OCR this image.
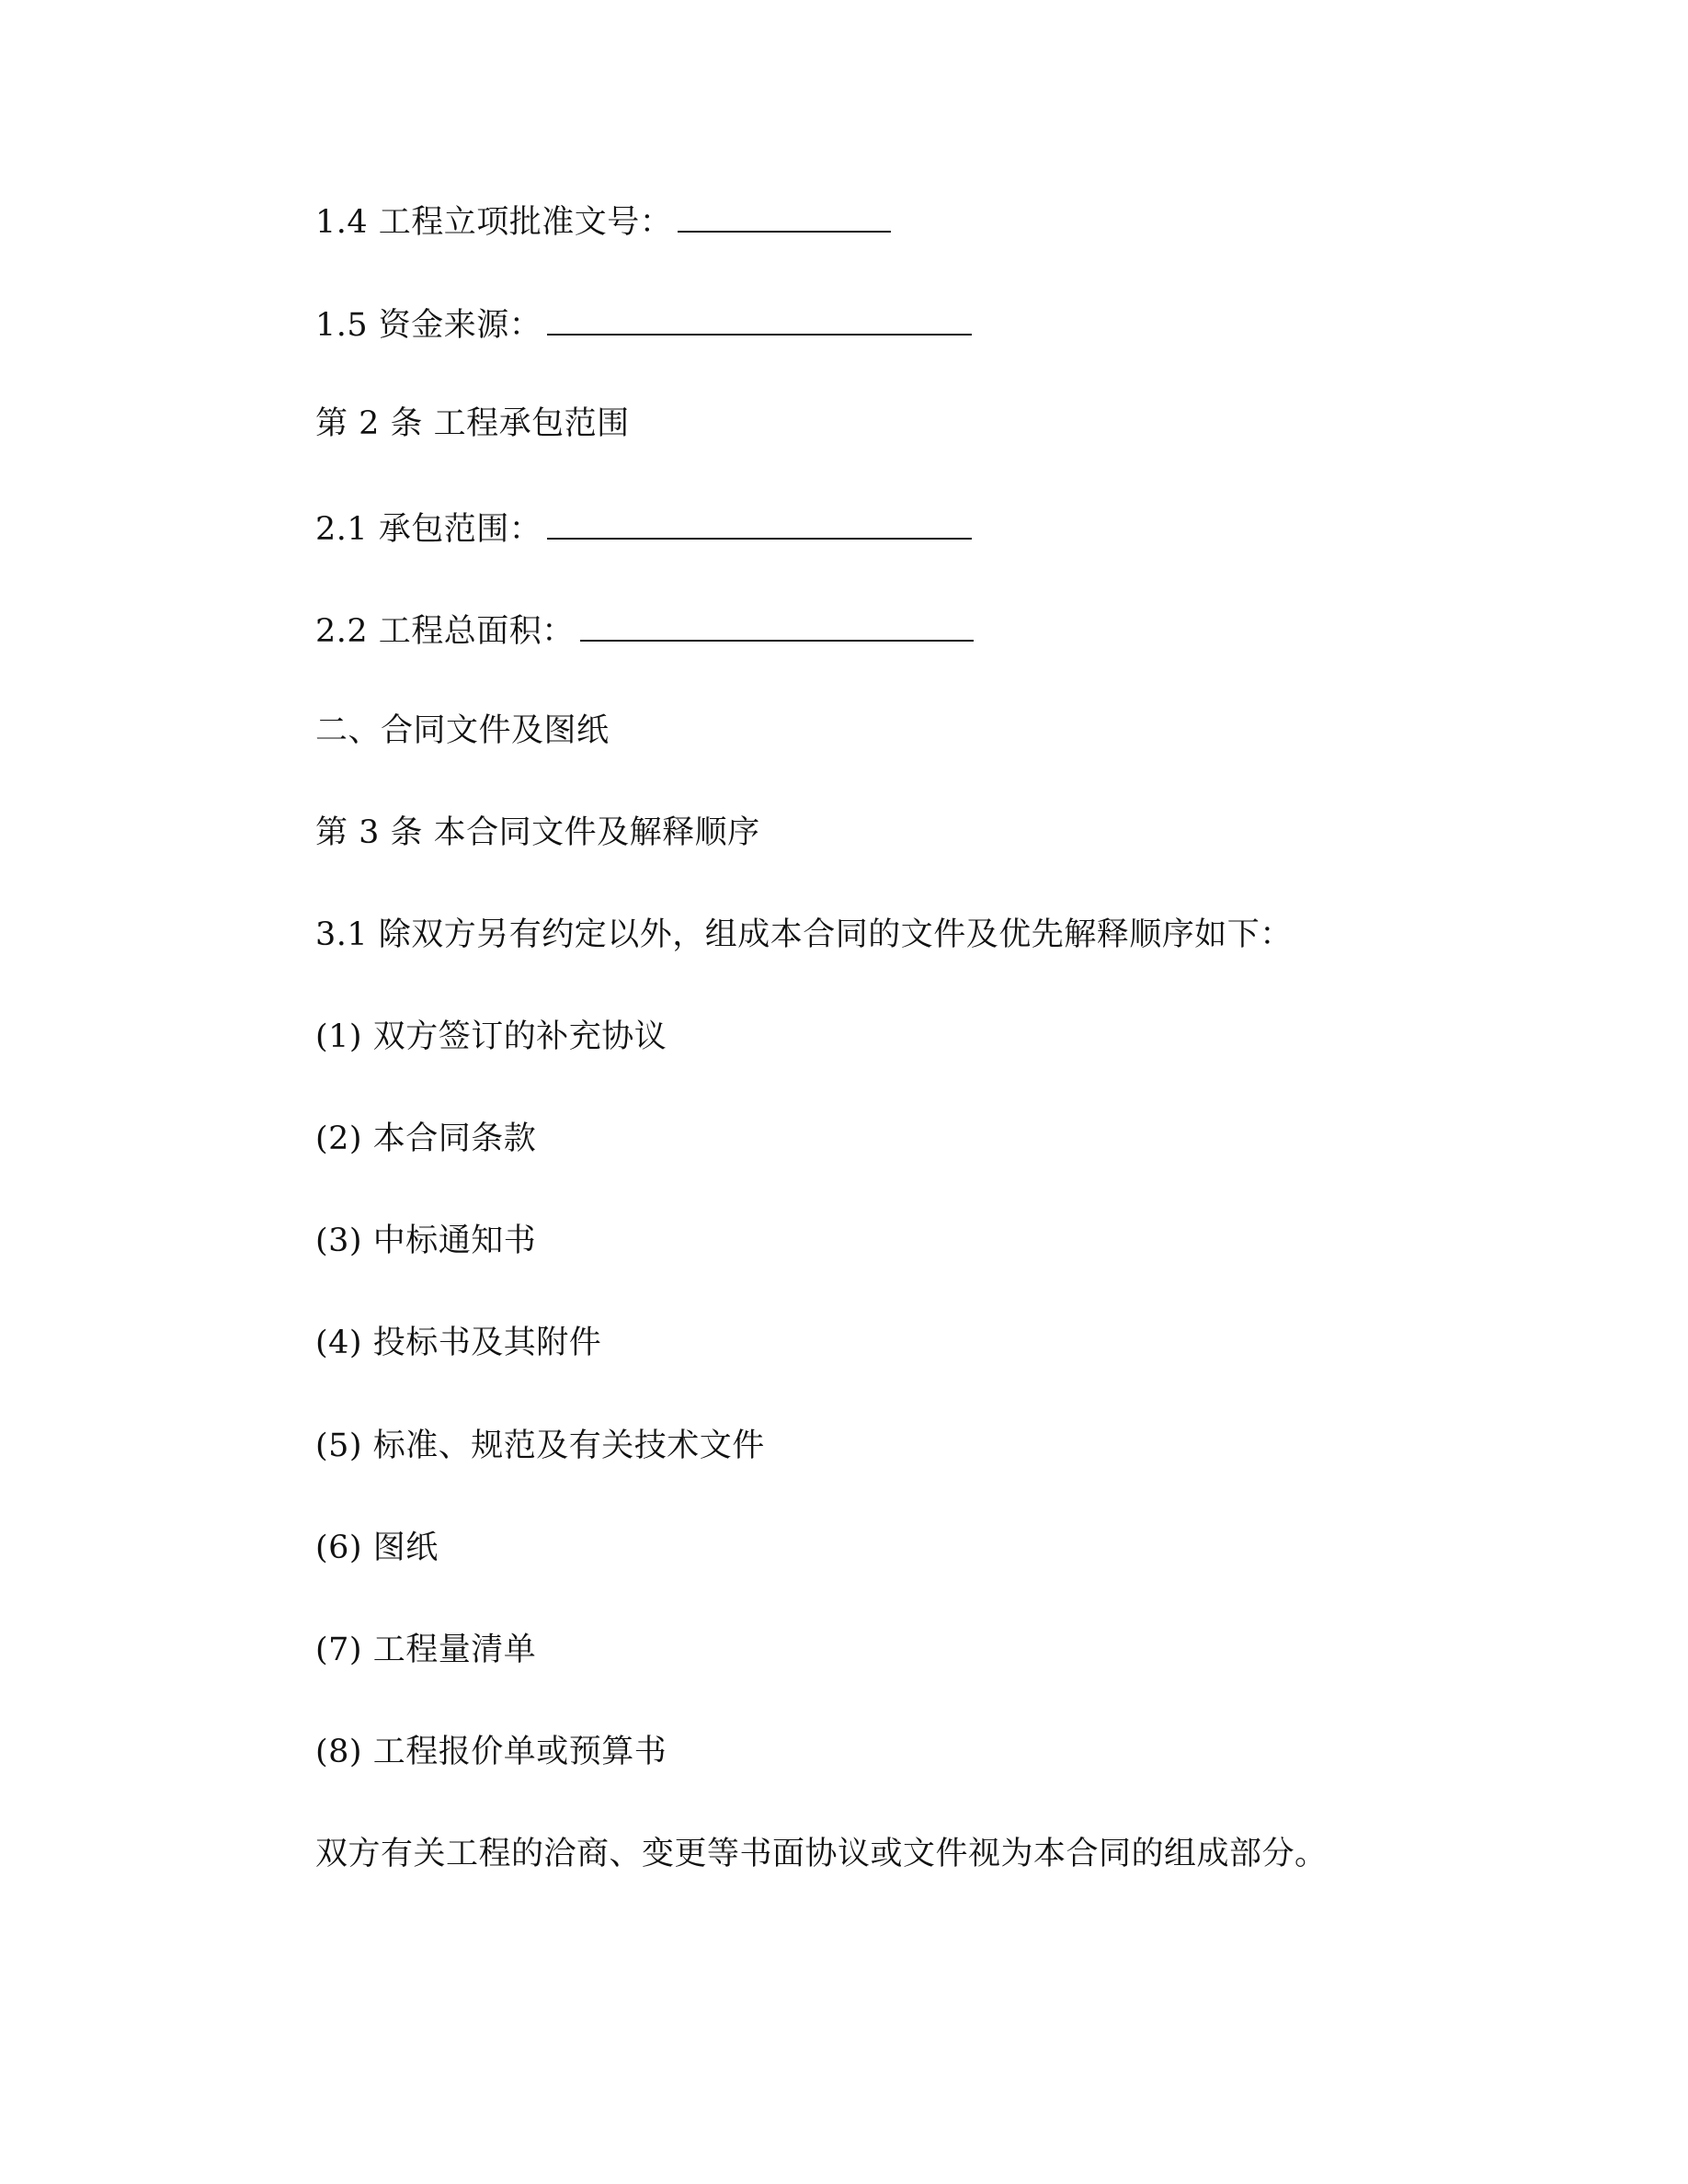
1.4 工程立项批准文号：
1.5 资金来源：
第 2 条 工程承包范围
2.1 承包范围：
2.2 工程总面积：
二、合同文件及图纸
第 3 条 本合同文件及解释顺序
3.1 除双方另有约定以外，组成本合同的文件及优先解释顺序如下：
(1) 双方签订的补充协议
(2) 本合同条款
(3) 中标通知书
(4) 投标书及其附件
(5) 标准、规范及有关技术文件
(6) 图纸
(7) 工程量清单
(8) 工程报价单或预算书
双方有关工程的洽商、变更等书面协议或文件视为本合同的组成部分。
